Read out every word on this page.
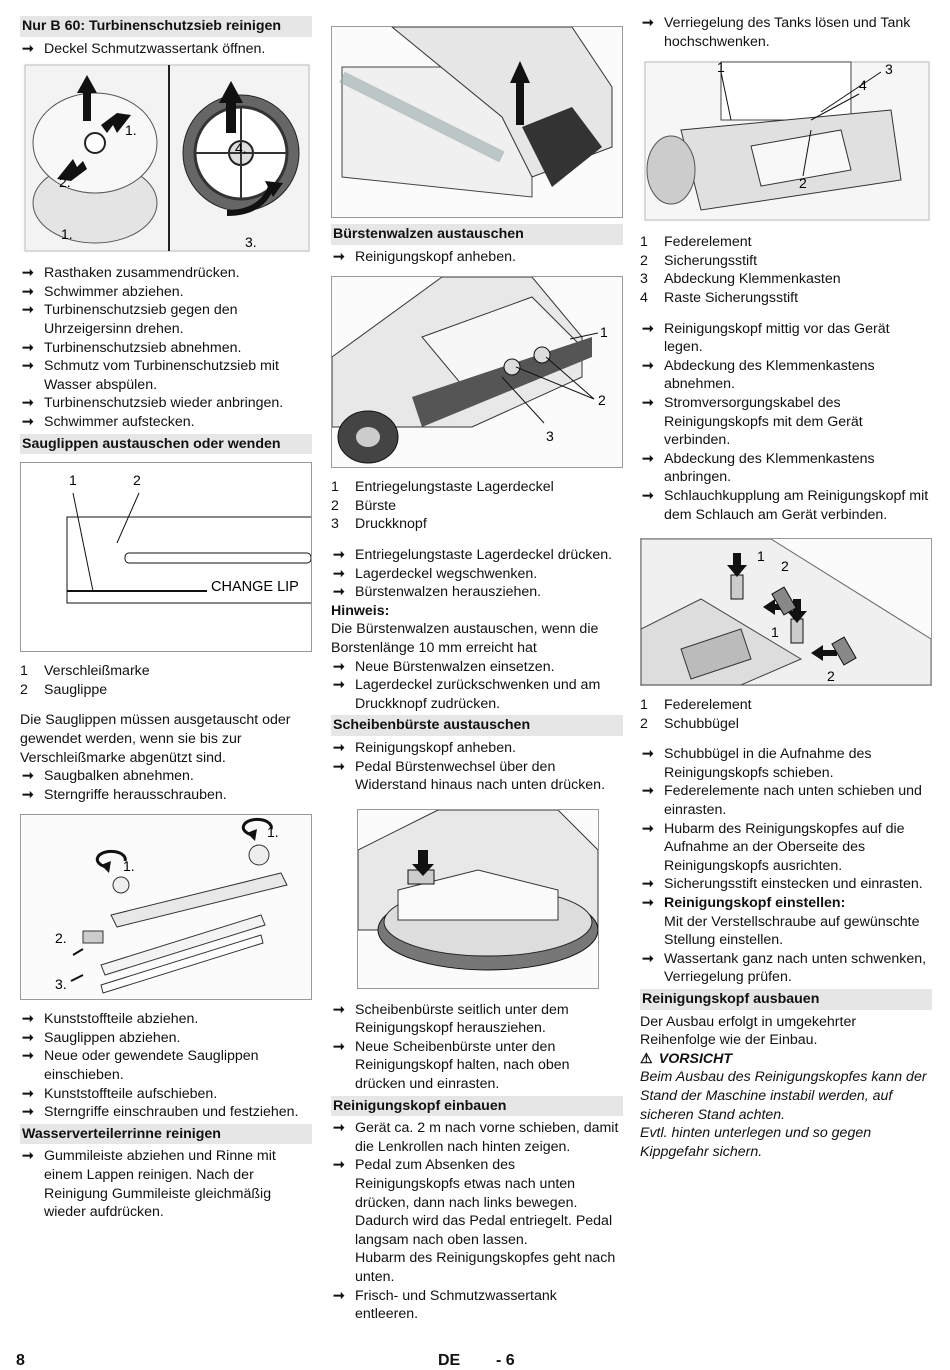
Nur B 60: Turbinenschutzsieb reinigen
➞ Deckel Schmutzwassertank öffnen.
2.
1.
1.
4.
3.
➞ Rasthaken zusammendrücken.
➞ Schwimmer abziehen.
➞ Turbinenschutzsieb gegen den Uhrzeigersinn drehen.
➞ Turbinenschutzsieb abnehmen.
➞ Schmutz vom Turbinenschutzsieb mit Wasser abspülen.
➞ Turbinenschutzsieb wieder anbringen.
➞ Schwimmer aufstecken.
Sauglippen austauschen oder wenden
1	2
CHANGE LIP
1	Verschleißmarke
2	Sauglippe

Die Sauglippen müssen ausgetauscht oder gewendet werden, wenn sie bis zur Verschleißmarke abgenützt sind.

➞ Saugbalken abnehmen.
➞ Sterngriffe herausschrauben.
1.
1.
2.
3.
➞ Kunststoffteile abziehen.
➞ Sauglippen abziehen.
➞ Neue oder gewendete Sauglippen einschieben.
➞ Kunststoffteile aufschieben.
➞ Sterngriffe einschrauben und festziehen.
Wasserverteilerrinne reinigen
➞ Gummileiste abziehen und Rinne mit einem Lappen reinigen. Nach der Reinigung Gummileiste gleichmäßig wieder aufdrücken.
Bürstenwalzen austauschen
➞ Reinigungskopf anheben.
1
2
3
1	Entriegelungstaste Lagerdeckel
2	Bürste
3	Druckknopf
➞ Entriegelungstaste Lagerdeckel drücken.
➞ Lagerdeckel wegschwenken.
➞ Bürstenwalzen herausziehen.
Hinweis:

Die Bürstenwalzen austauschen, wenn die Borstenlänge 10 mm erreicht hat

➞ Neue Bürstenwalzen einsetzen.
➞ Lagerdeckel zurückschwenken und am Druckknopf zudrücken.
Scheibenbürste austauschen
➞ Reinigungskopf anheben.
➞ Pedal Bürstenwechsel über den Widerstand hinaus nach unten drücken.
➞ Scheibenbürste seitlich unter dem Reinigungskopf herausziehen.
➞ Neue Scheibenbürste unter den Reinigungskopf halten, nach oben drücken und einrasten.
Reinigungskopf einbauen
➞ Gerät ca. 2 m nach vorne schieben, damit die Lenkrollen nach hinten zeigen.
➞ Pedal zum Absenken des Reinigungskopfs etwas nach unten drücken, dann nach links bewegen. Dadurch wird das Pedal entriegelt. Pedal langsam nach oben lassen.
Hubarm des Reinigungskopfes geht nach unten.
➞ Frisch- und Schmutzwassertank entleeren.
➞ Verriegelung des Tanks lösen und Tank hochschwenken.
1	3
4
2
1	Federelement
2	Sicherungsstift
3	Abdeckung Klemmenkasten
4	Raste Sicherungsstift
➞ Reinigungskopf mittig vor das Gerät legen.
➞ Abdeckung des Klemmenkastens abnehmen.
➞ Stromversorgungskabel des Reinigungskopfs mit dem Gerät verbinden.
➞ Abdeckung des Klemmenkastens anbringen.
➞ Schlauchkupplung am Reinigungskopf mit dem Schlauch am Gerät verbinden.
1
2
1
2
1	Federelement
2	Schubbügel
➞ Schubbügel in die Aufnahme des Reinigungskopfs schieben.
➞ Federelemente nach unten schieben und einrasten.
➞ Hubarm des Reinigungskopfes auf die Aufnahme an der Oberseite des Reinigungskopfs ausrichten.
➞ Sicherungsstift einstecken und einrasten.
➞ Reinigungskopf einstellen:
Mit der Verstellschraube auf gewünschte Stellung einstellen.
➞ Wassertank ganz nach unten schwenken, Verriegelung prüfen.
Reinigungskopf ausbauen

Der Ausbau erfolgt in umgekehrter Reihenfolge wie der Einbau.

⚠ VORSICHT

Beim Ausbau des Reinigungskopfes kann der Stand der Maschine instabil werden, auf sicheren Stand achten.

Evtl. hinten unterlegen und so gegen Kippgefahr sichern.

8	DE - 6
